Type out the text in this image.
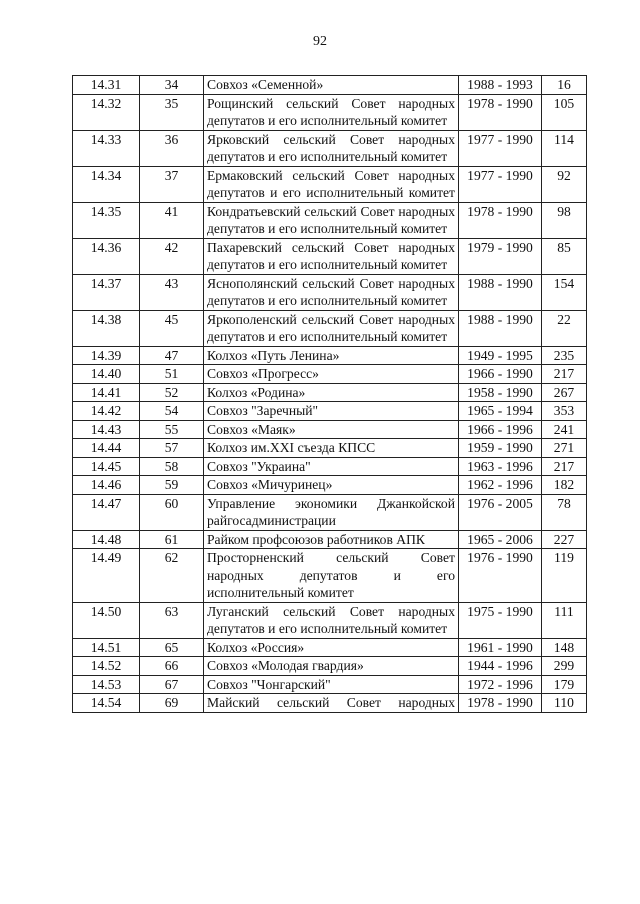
92
14.31	34	Совхоз «Семенной»	1988 - 1993	16
14.32	35	Рощинский сельский Совет народных депутатов и его исполнительный комитет	1978 - 1990	105
14.33	36	Ярковский сельский Совет народных депутатов и его исполнительный комитет	1977 - 1990	114
14.34	37	Ермаковский сельский Совет народных депутатов и его исполнительный комитет	1977 - 1990	92
14.35	41	Кондратьевский сельский Совет народных депутатов и его исполнительный комитет	1978 - 1990	98
14.36	42	Пахаревский сельский Совет народных депутатов и его исполнительный комитет	1979 - 1990	85
14.37	43	Яснополянский сельский Совет народных депутатов и его исполнительный комитет	1988 - 1990	154
14.38	45	Яркополенский сельский Совет народных депутатов и его исполнительный комитет	1988 - 1990	22
14.39	47	Колхоз «Путь Ленина»	1949 - 1995	235
14.40	51	Совхоз «Прогресс»	1966 - 1990	217
14.41	52	Колхоз «Родина»	1958 - 1990	267
14.42	54	Совхоз "Заречный"	1965 - 1994	353
14.43	55	Совхоз «Маяк»	1966 - 1996	241
14.44	57	Колхоз им.XXI съезда КПСС	1959 - 1990	271
14.45	58	Совхоз "Украина"	1963 - 1996	217
14.46	59	Совхоз «Мичуринец»	1962 - 1996	182
14.47	60	Управление экономики Джанкойской райгосадминистрации	1976 - 2005	78
14.48	61	Райком профсоюзов работников АПК	1965 - 2006	227
14.49	62	Просторненский сельский Совет народных депутатов и его исполнительный комитет	1976 - 1990	119
14.50	63	Луганский сельский Совет народных депутатов и его исполнительный комитет	1975 - 1990	111
14.51	65	Колхоз «Россия»	1961 - 1990	148
14.52	66	Совхоз «Молодая гвардия»	1944 - 1996	299
14.53	67	Совхоз "Чонгарский"	1972 - 1996	179
14.54	69	Майский сельский Совет народных	1978 - 1990	110
